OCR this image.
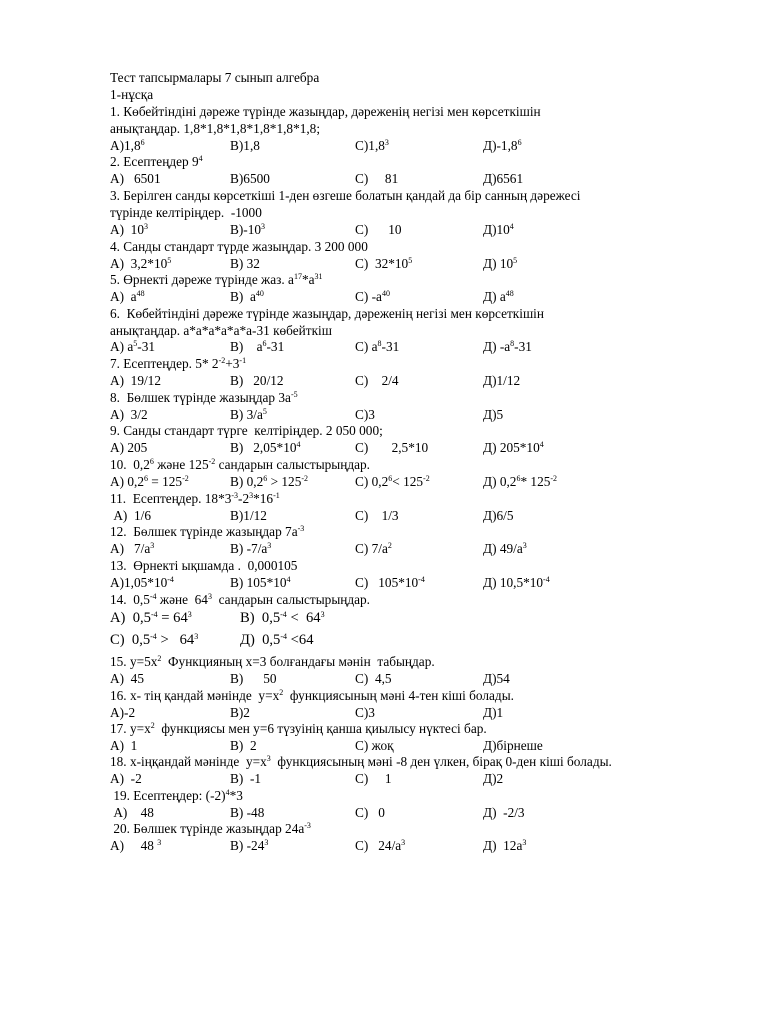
Тест тапсырмалары 7 сынып алгебра
1-нұсқа
1. Көбейтіндіні дәреже түрінде жазыңдар, дәреженің негізі мен көрсеткішін
анықтаңдар. 1,8*1,8*1,8*1,8*1,8*1,8;
$А)1,8^6$	В)1,8	$С)1,8^3$	$Д)-1,8^6$
2. Есептеңдер $9^4$
А)   6501	В)6500	С)     81	Д)6561
3. Берілген санды көрсеткіші 1-ден өзгеше болатын қандай да бір санның дәрежесі
түрінде келтіріңдер.  -1000
А)  $10^3$	$В)-10^3$	С)      10	$Д)10^4$
4. Санды стандарт түрде жазыңдар. 3 200 000
А)  $3,2*10^5$	В) 32	С)  $32*10^5$	Д) $10^5$
5. Өрнекті дәреже түрінде жаз. $а^{17}*а^{31}$
А)  $а^{48}$	В)  $а^{40}$	С) $-а^{40}$	Д) $а^{48}$
6.  Көбейтіндіні дәреже түрінде жазыңдар, дәреженің негізі мен көрсеткішін
анықтаңдар. а*а*а*а*а*а-31 көбейткіш
А) $а^5-31$	В)    $а^6-31$	С) $а^8-31$	Д) $-а^8-31$
7. Есептеңдер. 5* $2^{-2}+3^{-1}$
А)  19/12	В)   20/12	С)    2/4	Д)1/12
8.  Бөлшек түрінде жазыңдар $3а^{-5}$
А)  3/2	В) $3/а^5$	С)3	Д)5
9. Санды стандарт түрге  келтіріңдер. 2 050 000;
А) 205	В)   $2,05*10^4$	С)       2,5*10	Д) $205*10^4$
10.  $0,2^6$ және $125^{-2}$ сандарын салыстырыңдар.
А) $0,2^6 = 125^{-2}$	В) $0,2^6 > 125^{-2}$	С) $0,2^6< 125^{-2}$	Д) $0,2^6*$ $125^{-2}$
11.  Есептеңдер. $18*3^{-3}-2^3*16^{-1}$
А)  1/6	В)1/12	С)    1/3	Д)6/5
12.  Бөлшек түрінде жазыңдар $7а^{-3}$
А)   $7/а^3$	В) $-7/а^3$	С) $7/а^2$	Д) $49/а^3$
13.  Өрнекті ықшамда .  0,000105
$А)1,05*10^{-4}$	В) $105*10^4$	С)   $105*10^{-4}$	Д) $10,5*10^{-4}$
14.  $0,5^{-4}$ және  $64^3$  сандарын салыстырыңдар.
А)  $0,5^{-4} = 64^3$	В)  $0,5^{-4} < 64^3$
С)  $0,5^{-4} > 64^3$	Д)  $0,5^{-4} <64$
15. $у=5х^2$  Функцияның х=3 болғандағы мәнін  табыңдар.
А)  45	В)      50	С)  4,5	Д)54
16. х- тің қандай мәнінде  $у=х^2$  функциясының мәні 4-тен кіші болады.
А)-2	В)2	С)3	Д)1
17. $у=х^2$  функциясы мен у=6 түзуінің қанша қиылысу нүктесі бар.
А)  1	В)  2	С) жоқ	Д)бірнеше
18. х-іңқандай мәнінде  $у=х^3$  функциясының мәні -8 ден үлкен, бірақ 0-ден кіші болады.
А)  -2	В)  -1	С)     1	Д)2
19. Есептеңдер: $(-2)^4*3$
А)    48	В) -48	С)   0	Д)  -2/3
20. Бөлшек түрінде жазыңдар $24а^{-3}$
А)     48 $^3$	В) $-24^3$	С)   $24/а^3$	Д)  $12а^3$
